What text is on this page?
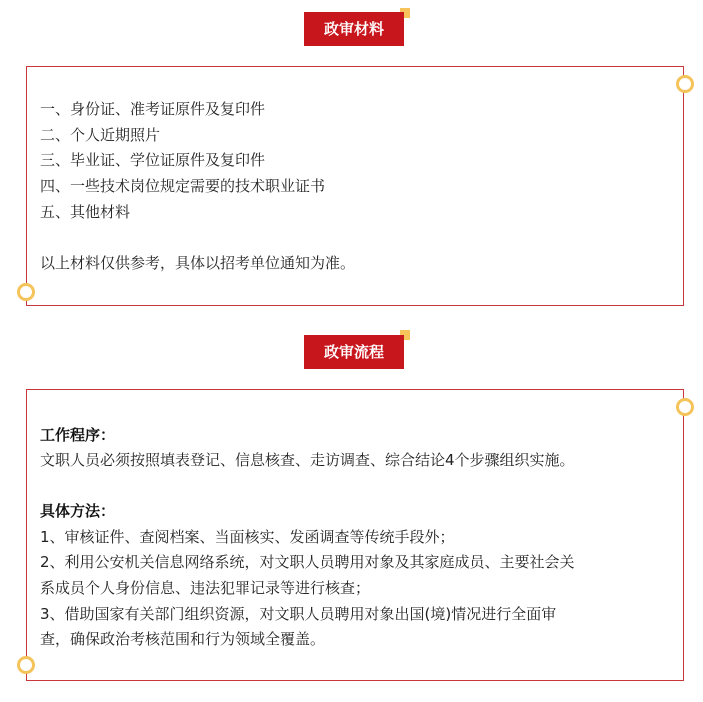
政审材料
一、身份证、准考证原件及复印件
二、个人近期照片
三、毕业证、学位证原件及复印件
四、一些技术岗位规定需要的技术职业证书
五、其他材料
以上材料仅供参考，具体以招考单位通知为准。
政审流程
工作程序：
文职人员必须按照填表登记、信息核查、走访调查、综合结论4个步骤组织实施。
具体方法：
1、审核证件、查阅档案、当面核实、发函调查等传统手段外；
2、利用公安机关信息网络系统，对文职人员聘用对象及其家庭成员、主要社会关
系成员个人身份信息、违法犯罪记录等进行核查；
3、借助国家有关部门组织资源，对文职人员聘用对象出国(境)情况进行全面审
查，确保政治考核范围和行为领域全覆盖。
